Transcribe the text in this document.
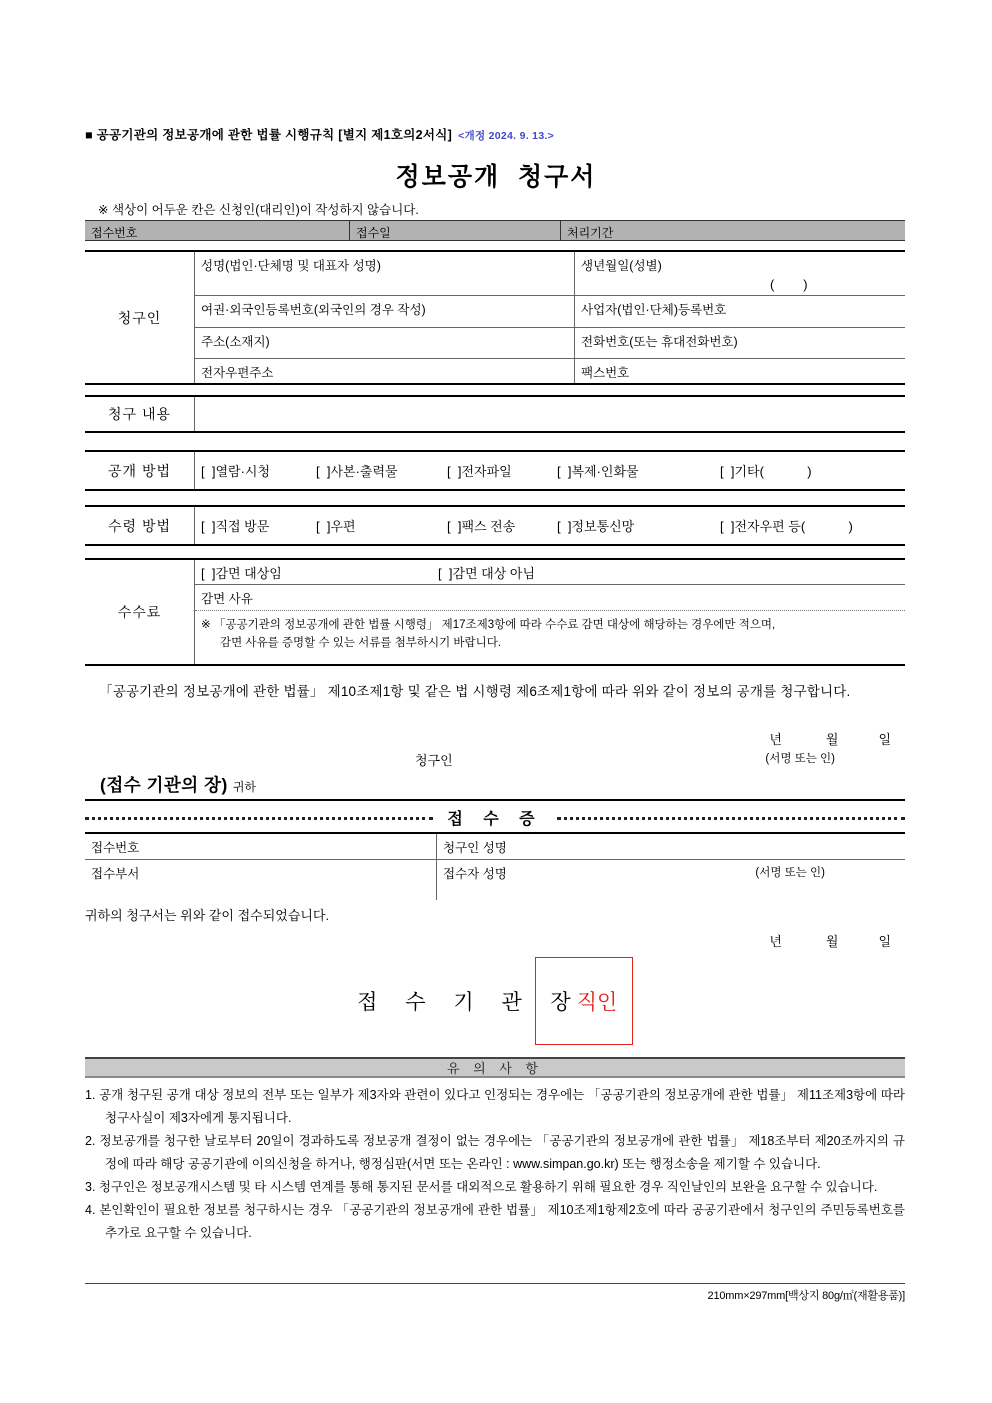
■ 공공기관의 정보공개에 관한 법률 시행규칙 [별지 제1호의2서식] <개정 2024. 9. 13.>
정보공개  청구서
※ 색상이 어두운 칸은 신청인(대리인)이 작성하지 않습니다.
접수번호	접수일	처리기간
청구인
성명(법인·단체명 및 대표자 성명)	생년월일(성별)
(        )
여권·외국인등록번호(외국인의 경우 작성)	사업자(법인·단체)등록번호
주소(소재지)	전화번호(또는 휴대전화번호)
전자우편주소	팩스번호
청구 내용
공개 방법	[  ]열람·시청	[  ]사본·출력물	[  ]전자파일	[  ]복제·인화물	[  ]기타(            )
수령 방법	[  ]직접 방문	[  ]우편	[  ]팩스 전송	[  ]정보통신망	[  ]전자우편 등(            )
수수료
[  ]감면 대상임	[  ]감면 대상 아님
감면 사유
※ 「공공기관의 정보공개에 관한 법률 시행령」 제17조제3항에 따라 수수료 감면 대상에 해당하는 경우에만 적으며,
감면 사유를 증명할 수 있는 서류를 첨부하시기 바랍니다.
「공공기관의 정보공개에 관한 법률」 제10조제1항 및 같은 법 시행령 제6조제1항에 따라 위와 같이 정보의 공개를 청구합니다.
년	월	일
청구인	(서명 또는 인)
(접수 기관의 장) 귀하
접 수 증
접수번호	청구인 성명
접수부서	접수자 성명	(서명 또는 인)
귀하의 청구서는 위와 같이 접수되었습니다.
년	월	일
접 수 기 관 장 직인
유 의 사 항
1. 공개 청구된 공개 대상 정보의 전부 또는 일부가 제3자와 관련이 있다고 인정되는 경우에는 「공공기관의 정보공개에 관한 법률」 제11조제3항에 따라 청구사실이 제3자에게 통지됩니다.
2. 정보공개를 청구한 날로부터 20일이 경과하도록 정보공개 결정이 없는 경우에는 「공공기관의 정보공개에 관한 법률」 제18조부터 제20조까지의 규정에 따라 해당 공공기관에 이의신청을 하거나, 행정심판(서면 또는 온라인 : www.simpan.go.kr) 또는 행정소송을 제기할 수 있습니다.
3. 청구인은 정보공개시스템 및 타 시스템 연계를 통해 통지된 문서를 대외적으로 활용하기 위해 필요한 경우 직인날인의 보완을 요구할 수 있습니다.
4. 본인확인이 필요한 정보를 청구하시는 경우 「공공기관의 정보공개에 관한 법률」 제10조제1항제2호에 따라 공공기관에서 청구인의 주민등록번호를 추가로 요구할 수 있습니다.
210mm×297mm[백상지 80g/㎡(재활용품)]
